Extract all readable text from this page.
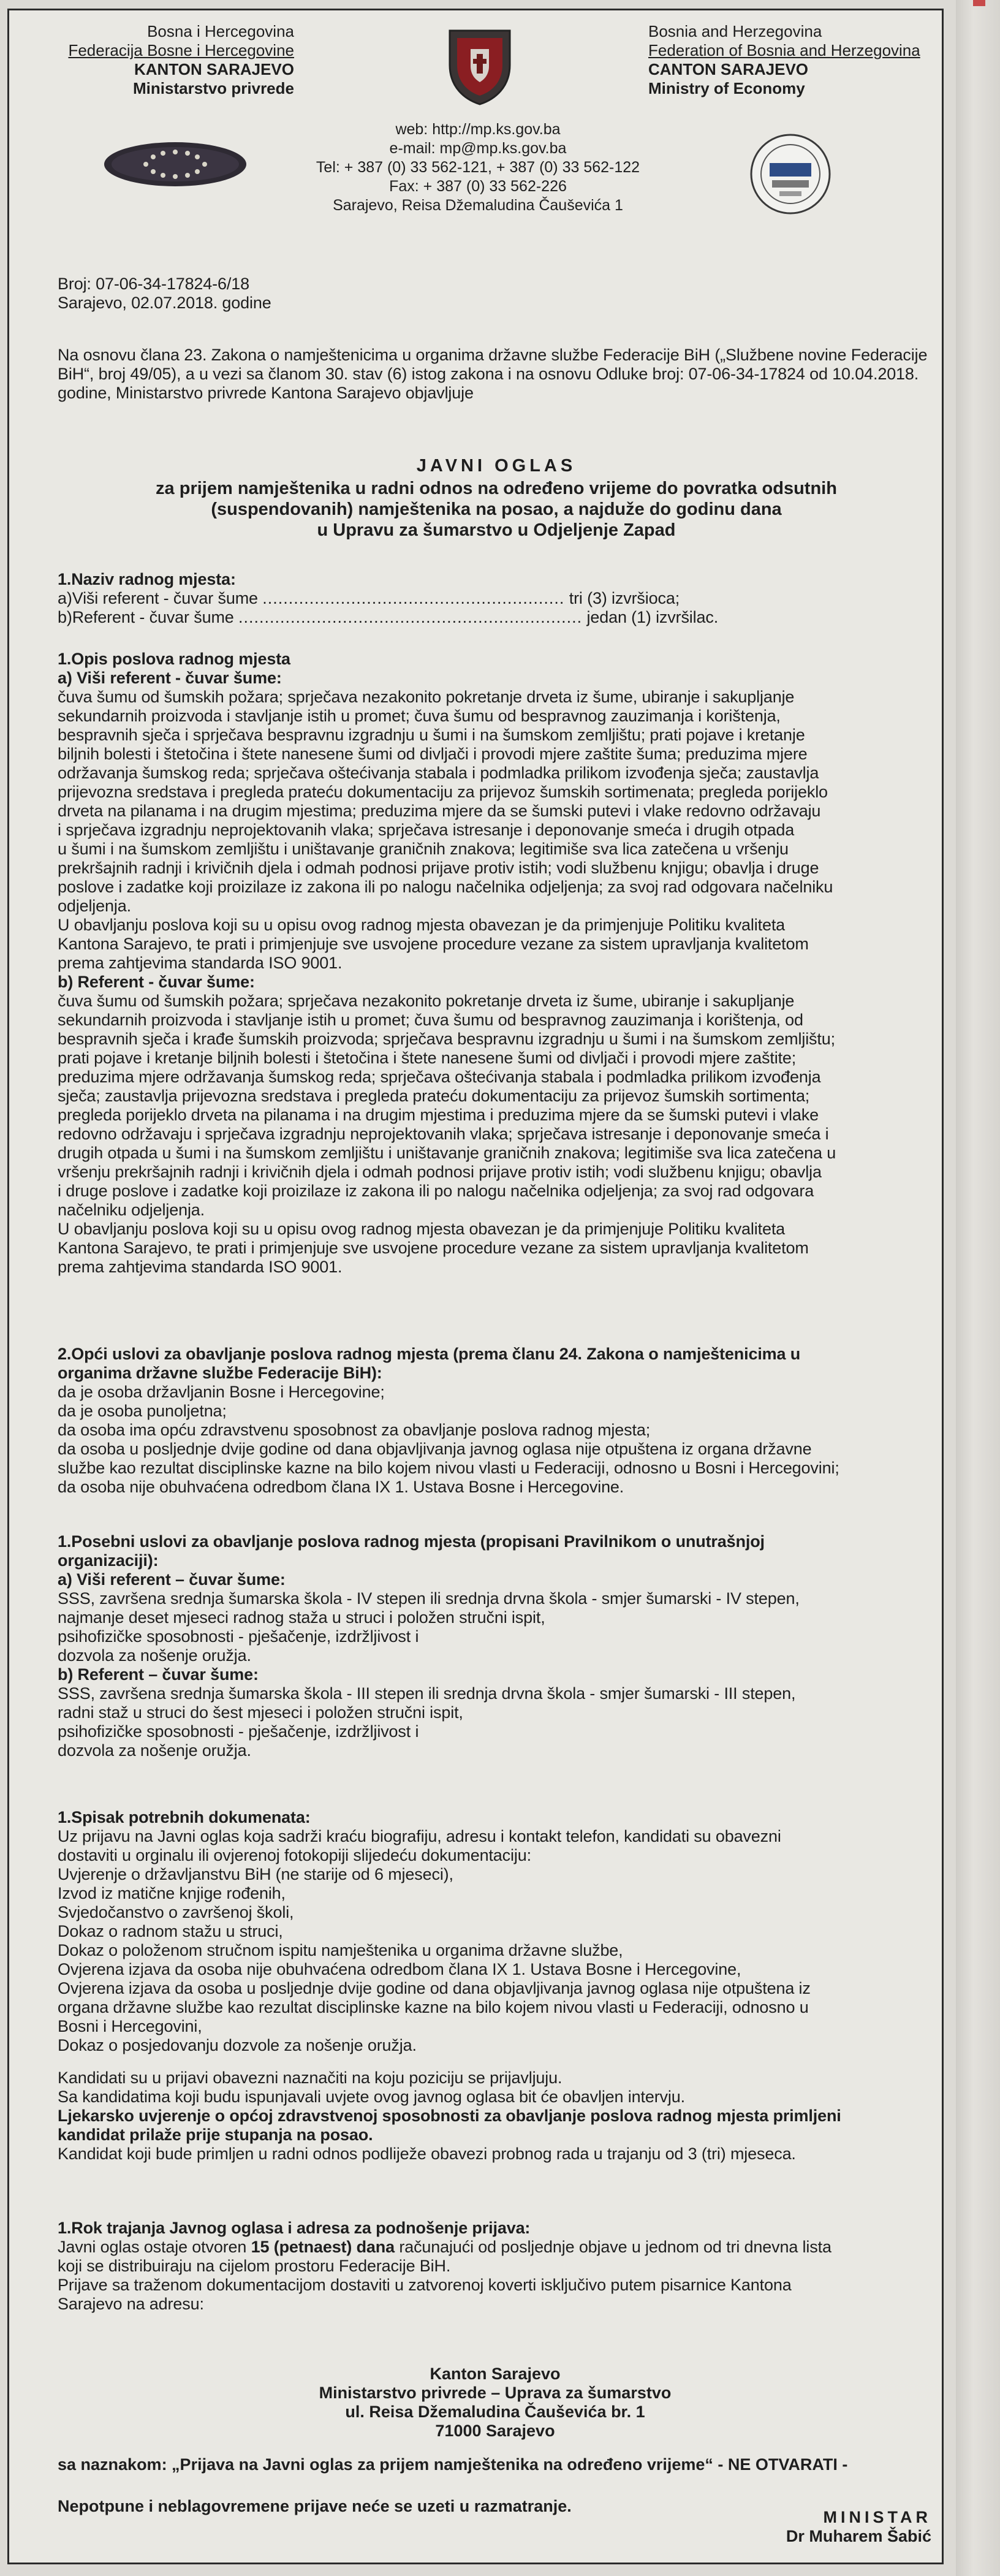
Bosna i Hercegovina
Federacija Bosne i Hercegovine
KANTON SARAJEVO
Ministarstvo privrede
Bosnia and Herzegovina
Federation of Bosnia and Herzegovina
CANTON SARAJEVO
Ministry of Economy
web: http://mp.ks.gov.ba
e-mail: mp@mp.ks.gov.ba
Tel: + 387 (0) 33 562-121, + 387 (0) 33 562-122
Fax: + 387 (0) 33 562-226
Sarajevo, Reisa Džemaludina Čauševića 1
Broj: 07-06-34-17824-6/18
Sarajevo, 02.07.2018. godine
Na osnovu člana 23. Zakona o namještenicima u organima državne službe Federacije BiH („Službene novine Federacije BiH“, broj 49/05), a u vezi sa članom 30. stav (6) istog zakona i na osnovu Odluke broj: 07-06-34-17824 od 10.04.2018. godine, Ministarstvo privrede Kantona Sarajevo objavljuje
JAVNI OGLAS
za prijem namještenika u radni odnos na određeno vrijeme do povratka odsutnih
(suspendovanih) namještenika na posao, a najduže do godinu dana
u Upravu za šumarstvo u Odjeljenje Zapad
1.Naziv radnog mjesta:
a)Viši referent - čuvar šume .......................................................... tri (3) izvršioca;
b)Referent - čuvar šume .................................................................. jedan (1) izvršilac.
1.Opis poslova radnog mjesta
a) Viši referent - čuvar šume:
čuva šumu od šumskih požara; sprječava nezakonito pokretanje drveta iz šume, ubiranje i sakupljanje
sekundarnih proizvoda i stavljanje istih u promet; čuva šumu od bespravnog zauzimanja i korištenja,
bespravnih sječa i sprječava bespravnu izgradnju u šumi i na šumskom zemljištu; prati pojave i kretanje
biljnih bolesti i štetočina i štete nanesene šumi od divljači i provodi mjere zaštite šuma; preduzima mjere
održavanja šumskog reda; sprječava oštećivanja stabala i podmladka prilikom izvođenja sječa; zaustavlja
prijevozna sredstava i pregleda prateću dokumentaciju za prijevoz šumskih sortimenata; pregleda porijeklo
drveta na pilanama i na drugim mjestima; preduzima mjere da se šumski putevi i vlake redovno održavaju
i sprječava izgradnju neprojektovanih vlaka; sprječava istresanje i deponovanje smeća i drugih otpada
u šumi i na šumskom zemljištu i uništavanje graničnih znakova; legitimiše sva lica zatečena u vršenju
prekršajnih radnji i krivičnih djela i odmah podnosi prijave protiv istih; vodi službenu knjigu; obavlja i druge
poslove i zadatke koji proizilaze iz zakona ili po nalogu načelnika odjeljenja; za svoj rad odgovara načelniku
odjeljenja.
U obavljanju poslova koji su u opisu ovog radnog mjesta obavezan je da primjenjuje Politiku kvaliteta
Kantona Sarajevo, te prati i primjenjuje sve usvojene procedure vezane za sistem upravljanja kvalitetom
prema zahtjevima standarda ISO 9001.
b) Referent - čuvar šume:
čuva šumu od šumskih požara; sprječava nezakonito pokretanje drveta iz šume, ubiranje i sakupljanje
sekundarnih proizvoda i stavljanje istih u promet; čuva šumu od bespravnog zauzimanja i korištenja, od
bespravnih sječa i krađe šumskih proizvoda; sprječava bespravnu izgradnju u šumi i na šumskom zemljištu;
prati pojave i kretanje biljnih bolesti i štetočina i štete nanesene šumi od divljači i provodi mjere zaštite;
preduzima mjere održavanja šumskog reda; sprječava oštećivanja stabala i podmladka prilikom izvođenja
sječa; zaustavlja prijevozna sredstava i pregleda prateću dokumentaciju za prijevoz šumskih sortimenta;
pregleda porijeklo drveta na pilanama i na drugim mjestima i preduzima mjere da se šumski putevi i vlake
redovno održavaju i sprječava izgradnju neprojektovanih vlaka; sprječava istresanje i deponovanje smeća i
drugih otpada u šumi i na šumskom zemljištu i uništavanje graničnih znakova; legitimiše sva lica zatečena u
vršenju prekršajnih radnji i krivičnih djela i odmah podnosi prijave protiv istih; vodi službenu knjigu; obavlja
i druge poslove i zadatke koji proizilaze iz zakona ili po nalogu načelnika odjeljenja; za svoj rad odgovara
načelniku odjeljenja.
U obavljanju poslova koji su u opisu ovog radnog mjesta obavezan je da primjenjuje Politiku kvaliteta
Kantona Sarajevo, te prati i primjenjuje sve usvojene procedure vezane za sistem upravljanja kvalitetom
prema zahtjevima standarda ISO 9001.
2.Opći uslovi za obavljanje poslova radnog mjesta (prema članu 24. Zakona o namještenicima u
organima državne službe Federacije BiH):
da je osoba državljanin Bosne i Hercegovine;
da je osoba punoljetna;
da osoba ima opću zdravstvenu sposobnost za obavljanje poslova radnog mjesta;
da osoba u posljednje dvije godine od dana objavljivanja javnog oglasa nije otpuštena iz organa državne
službe kao rezultat disciplinske kazne na bilo kojem nivou vlasti u Federaciji, odnosno u Bosni i Hercegovini;
da osoba nije obuhvaćena odredbom člana IX 1. Ustava Bosne i Hercegovine.
1.Posebni uslovi za obavljanje poslova radnog mjesta (propisani Pravilnikom o unutrašnjoj
organizaciji):
a) Viši referent – čuvar šume:
SSS, završena srednja šumarska škola - IV stepen ili srednja drvna škola - smjer šumarski - IV stepen,
najmanje deset mjeseci radnog staža u struci i položen stručni ispit,
psihofizičke sposobnosti - pješačenje, izdržljivost i
dozvola za nošenje oružja.
b) Referent – čuvar šume:
SSS, završena srednja šumarska škola - III stepen ili srednja drvna škola - smjer šumarski - III stepen,
radni staž u struci do šest mjeseci i položen stručni ispit,
psihofizičke sposobnosti - pješačenje, izdržljivost i
dozvola za nošenje oružja.
1.Spisak potrebnih dokumenata:
Uz prijavu na Javni oglas koja sadrži kraću biografiju, adresu i kontakt telefon, kandidati su obavezni
dostaviti u orginalu ili ovjerenoj fotokopiji slijedeću dokumentaciju:
Uvjerenje o državljanstvu BiH (ne starije od 6 mjeseci),
Izvod iz matične knjige rođenih,
Svjedočanstvo o završenoj školi,
Dokaz o radnom stažu u struci,
Dokaz o položenom stručnom ispitu namještenika u organima državne službe,
Ovjerena izjava da osoba nije obuhvaćena odredbom člana IX 1. Ustava Bosne i Hercegovine,
Ovjerena izjava da osoba u posljednje dvije godine od dana objavljivanja javnog oglasa nije otpuštena iz
organa državne službe kao rezultat disciplinske kazne na bilo kojem nivou vlasti u Federaciji, odnosno u
Bosni i Hercegovini,
Dokaz o posjedovanju dozvole za nošenje oružja.
Kandidati su u prijavi obavezni naznačiti na koju poziciju se prijavljuju.
Sa kandidatima koji budu ispunjavali uvjete ovog javnog oglasa bit će obavljen intervju.
Ljekarsko uvjerenje o općoj zdravstvenoj sposobnosti za obavljanje poslova radnog mjesta primljeni
kandidat prilaže prije stupanja na posao.
Kandidat koji bude primljen u radni odnos podliježe obavezi probnog rada u trajanju od 3 (tri) mjeseca.
1.Rok trajanja Javnog oglasa i adresa za podnošenje prijava:
Javni oglas ostaje otvoren 15 (petnaest) dana računajući od posljednje objave u jednom od tri dnevna lista
koji se distribuiraju na cijelom prostoru Federacije BiH.
Prijave sa traženom dokumentacijom dostaviti u zatvorenoj koverti isključivo putem pisarnice Kantona
Sarajevo na adresu:
Kanton Sarajevo
Ministarstvo privrede – Uprava za šumarstvo
ul. Reisa Džemaludina Čauševića br. 1
71000 Sarajevo
sa naznakom: „Prijava na Javni oglas za prijem namještenika na određeno vrijeme“ - NE OTVARATI -
Nepotpune i neblagovremene prijave neće se uzeti u razmatranje.
MINISTAR
Dr Muharem Šabić
